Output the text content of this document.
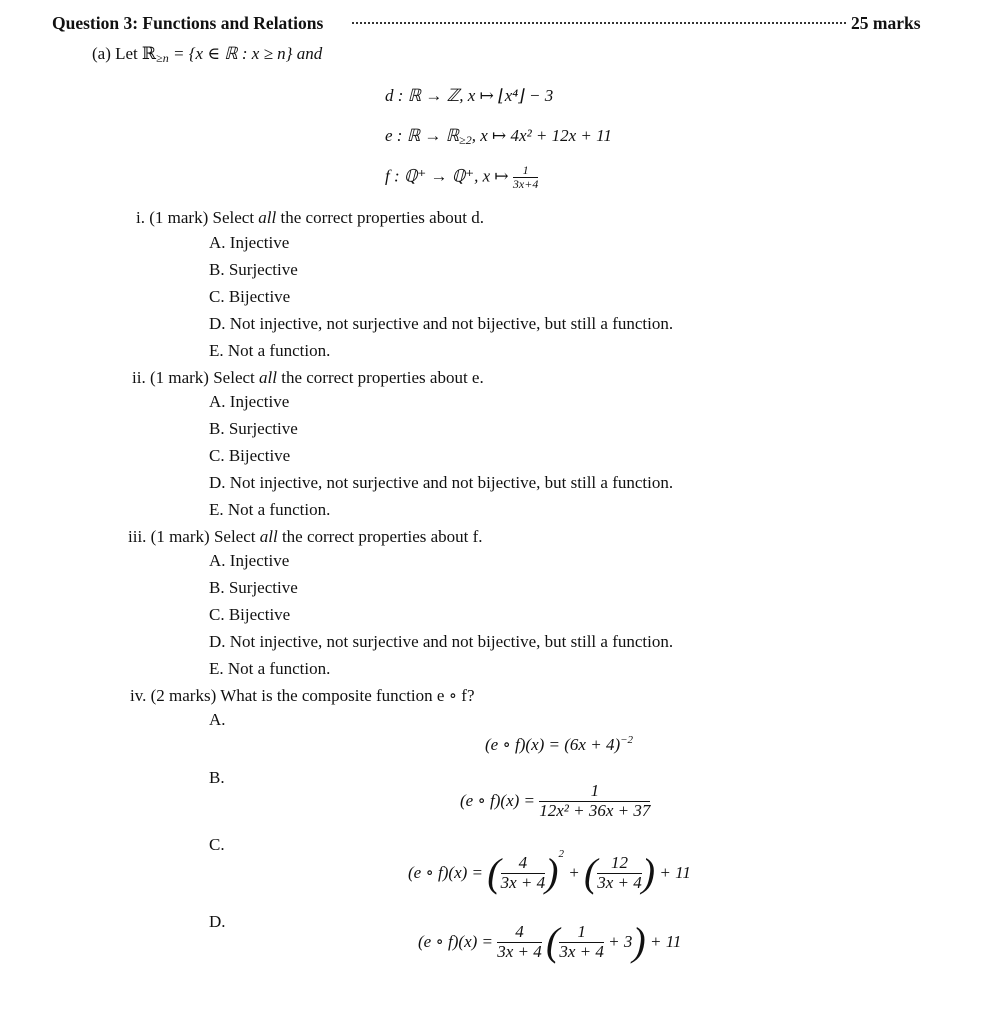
Question 3: Functions and Relations	25 marks
(a) Let ℝ≥n = {x ∈ ℝ : x ≥ n} and
d : ℝ → ℤ, x ↦ ⌊x⁴⌋ − 3
e : ℝ → ℝ≥2, x ↦ 4x² + 12x + 11
f : ℚ⁺ → ℚ⁺, x ↦ $\frac{1}{3x+4}$
i. (1 mark) Select all the correct properties about d.
A. Injective
B. Surjective
C. Bijective
D. Not injective, not surjective and not bijective, but still a function.
E. Not a function.
ii. (1 mark) Select all the correct properties about e.
A. Injective
B. Surjective
C. Bijective
D. Not injective, not surjective and not bijective, but still a function.
E. Not a function.
iii. (1 mark) Select all the correct properties about f.
A. Injective
B. Surjective
C. Bijective
D. Not injective, not surjective and not bijective, but still a function.
E. Not a function.
iv. (2 marks) What is the composite function e ∘ f?
A.
(e ∘ $f)(x) = (6x + 4)^{-2}$
B.
(e ∘ $f)(x) = \frac{1}{\text{12x² + 36x + 37}}$
C.
(e ∘ f)(x) = ( $\frac{4}{3x + 4} )^2$ + ( $\frac{12}{3x + 4}$ ) + 11
D.
(e ∘ $f)(x) = \frac{4}{3x + 4}$ ( $\frac{1}{3x + 4} + 3) + 11$
